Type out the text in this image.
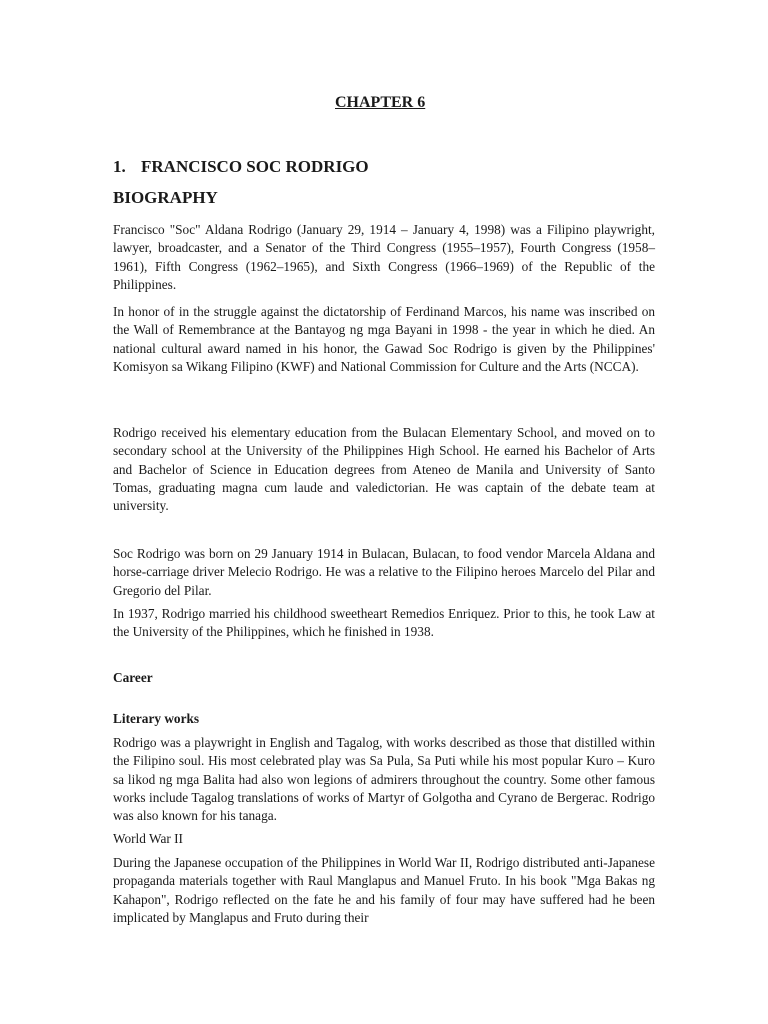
CHAPTER 6
1. FRANCISCO SOC RODRIGO
BIOGRAPHY

Francisco "Soc" Aldana Rodrigo (January 29, 1914 – January 4, 1998) was a Filipino playwright, lawyer, broadcaster, and a Senator of the Third Congress (1955–1957), Fourth Congress (1958–1961), Fifth Congress (1962–1965), and Sixth Congress (1966–1969) of the Republic of the Philippines.

In honor of in the struggle against the dictatorship of Ferdinand Marcos, his name was inscribed on the Wall of Remembrance at the Bantayog ng mga Bayani in 1998 - the year in which he died. An national cultural award named in his honor, the Gawad Soc Rodrigo is given by the Philippines' Komisyon sa Wikang Filipino (KWF) and National Commission for Culture and the Arts (NCCA).

Rodrigo received his elementary education from the Bulacan Elementary School, and moved on to secondary school at the University of the Philippines High School. He earned his Bachelor of Arts and Bachelor of Science in Education degrees from Ateneo de Manila and University of Santo Tomas, graduating magna cum laude and valedictorian. He was captain of the debate team at university.

Soc Rodrigo was born on 29 January 1914 in Bulacan, Bulacan, to food vendor Marcela Aldana and horse-carriage driver Melecio Rodrigo. He was a relative to the Filipino heroes Marcelo del Pilar and Gregorio del Pilar.

In 1937, Rodrigo married his childhood sweetheart Remedios Enriquez. Prior to this, he took Law at the University of the Philippines, which he finished in 1938.

Career
Literary works

Rodrigo was a playwright in English and Tagalog, with works described as those that distilled within the Filipino soul. His most celebrated play was Sa Pula, Sa Puti while his most popular Kuro – Kuro sa likod ng mga Balita had also won legions of admirers throughout the country. Some other famous works include Tagalog translations of works of Martyr of Golgotha and Cyrano de Bergerac. Rodrigo was also known for his tanaga.

World War II

During the Japanese occupation of the Philippines in World War II, Rodrigo distributed anti-Japanese propaganda materials together with Raul Manglapus and Manuel Fruto. In his book "Mga Bakas ng Kahapon", Rodrigo reflected on the fate he and his family of four may have suffered had he been implicated by Manglapus and Fruto during their
